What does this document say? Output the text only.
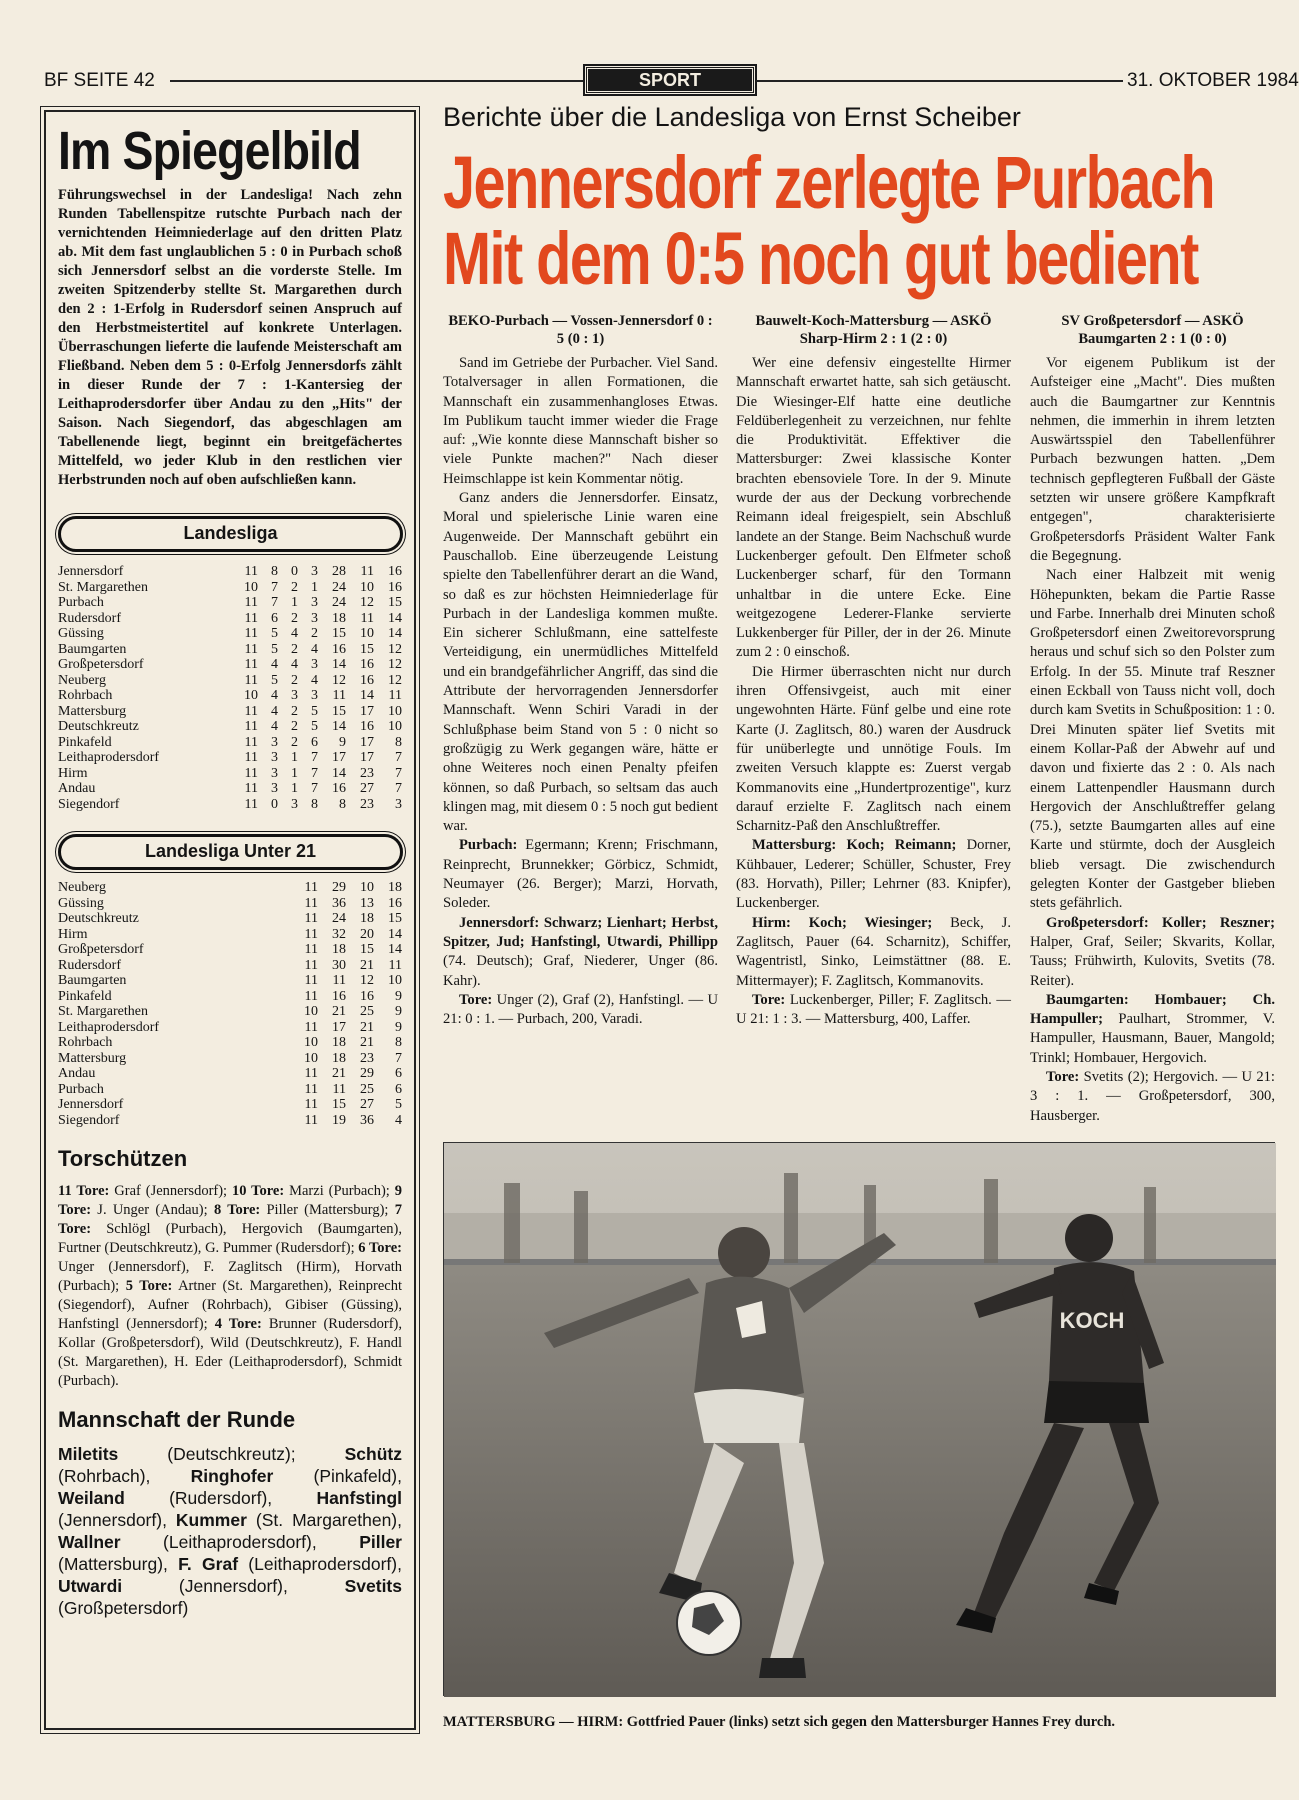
BF SEITE 42	SPORT	31. OKTOBER 1984
Im Spiegelbild

Führungswechsel in der Landesliga! Nach zehn Runden Tabellenspitze rutschte Purbach nach der vernichtenden Heimniederlage auf den dritten Platz ab. Mit dem fast unglaublichen 5 : 0 in Purbach schoß sich Jennersdorf selbst an die vorderste Stelle. Im zweiten Spitzenderby stellte St. Margarethen durch den 2 : 1-Erfolg in Rudersdorf seinen Anspruch auf den Herbstmeistertitel auf konkrete Unterlagen. Überraschungen lieferte die laufende Meisterschaft am Fließband. Neben dem 5 : 0-Erfolg Jennersdorfs zählt in dieser Runde der 7 : 1-Kantersieg der Leithaprodersdorfer über Andau zu den „Hits" der Saison. Nach Siegendorf, das abgeschlagen am Tabellenende liegt, beginnt ein breitgefächertes Mittelfeld, wo jeder Klub in den restlichen vier Herbstrunden noch auf oben aufschließen kann.

Landesliga
Jennersdorf	11	8	0	3	28	11	16
St. Margarethen	10	7	2	1	24	10	16
Purbach	11	7	1	3	24	12	15
Rudersdorf	11	6	2	3	18	11	14
Güssing	11	5	4	2	15	10	14
Baumgarten	11	5	2	4	16	15	12
Großpetersdorf	11	4	4	3	14	16	12
Neuberg	11	5	2	4	12	16	12
Rohrbach	10	4	3	3	11	14	11
Mattersburg	11	4	2	5	15	17	10
Deutschkreutz	11	4	2	5	14	16	10
Pinkafeld	11	3	2	6	9	17	8
Leithaprodersdorf	11	3	1	7	17	17	7
Hirm	11	3	1	7	14	23	7
Andau	11	3	1	7	16	27	7
Siegendorf	11	0	3	8	8	23	3
Landesliga Unter 21
Neuberg	11	29	10	18
Güssing	11	36	13	16
Deutschkreutz	11	24	18	15
Hirm	11	32	20	14
Großpetersdorf	11	18	15	14
Rudersdorf	11	30	21	11
Baumgarten	11	11	12	10
Pinkafeld	11	16	16	9
St. Margarethen	10	21	25	9
Leithaprodersdorf	11	17	21	9
Rohrbach	10	18	21	8
Mattersburg	10	18	23	7
Andau	11	21	29	6
Purbach	11	11	25	6
Jennersdorf	11	15	27	5
Siegendorf	11	19	36	4
Torschützen

11 Tore: Graf (Jennersdorf); 10 Tore: Marzi (Purbach); 9 Tore: J. Unger (Andau); 8 Tore: Piller (Mattersburg); 7 Tore: Schlögl (Purbach), Hergovich (Baumgarten), Furtner (Deutschkreutz), G. Pummer (Rudersdorf); 6 Tore: Unger (Jennersdorf), F. Zaglitsch (Hirm), Horvath (Purbach); 5 Tore: Artner (St. Margarethen), Reinprecht (Siegendorf), Aufner (Rohrbach), Gibiser (Güssing), Hanfstingl (Jennersdorf); 4 Tore: Brunner (Rudersdorf), Kollar (Großpetersdorf), Wild (Deutschkreutz), F. Handl (St. Margarethen), H. Eder (Leithaprodersdorf), Schmidt (Purbach).

Mannschaft der Runde

Miletits (Deutschkreutz); Schütz (Rohrbach), Ringhofer (Pinkafeld), Weiland (Rudersdorf), Hanfstingl (Jennersdorf), Kummer (St. Margarethen), Wallner (Leithaprodersdorf), Piller (Mattersburg), F. Graf (Leithaprodersdorf), Utwardi (Jennersdorf), Svetits (Großpetersdorf)

Berichte über die Landesliga von Ernst Scheiber
Jennersdorf zerlegte Purbach
Mit dem 0:5 noch gut bedient
BEKO-Purbach — Vossen-Jennersdorf 0 : 5 (0 : 1)

Sand im Getriebe der Purbacher. Viel Sand. Totalversager in allen Formationen, die Mannschaft ein zusammenhangloses Etwas. Im Publikum taucht immer wieder die Frage auf: „Wie konnte diese Mannschaft bisher so viele Punkte machen?" Nach dieser Heimschlappe ist kein Kommentar nötig.

Ganz anders die Jennersdorfer. Einsatz, Moral und spielerische Linie waren eine Augenweide. Der Mannschaft gebührt ein Pauschallob. Eine überzeugende Leistung spielte den Tabellenführer derart an die Wand, so daß es zur höchsten Heimniederlage für Purbach in der Landesliga kommen mußte. Ein sicherer Schlußmann, eine sattelfeste Verteidigung, ein unermüdliches Mittelfeld und ein brandgefährlicher Angriff, das sind die Attribute der hervorragenden Jennersdorfer Mannschaft. Wenn Schiri Varadi in der Schlußphase beim Stand von 5 : 0 nicht so großzügig zu Werk gegangen wäre, hätte er ohne Weiteres noch einen Penalty pfeifen können, so daß Purbach, so seltsam das auch klingen mag, mit diesem 0 : 5 noch gut bedient war.

Purbach: Egermann; Krenn; Frischmann, Reinprecht, Brunnekker; Görbicz, Schmidt, Neumayer (26. Berger); Marzi, Horvath, Soleder.

Jennersdorf: Schwarz; Lienhart; Herbst, Spitzer, Jud; Hanfstingl, Utwardi, Phillipp (74. Deutsch); Graf, Niederer, Unger (86. Kahr).

Tore: Unger (2), Graf (2), Hanfstingl. — U 21: 0 : 1. — Purbach, 200, Varadi.

Bauwelt-Koch-Mattersburg — ASKÖ Sharp-Hirm 2 : 1 (2 : 0)

Wer eine defensiv eingestellte Hirmer Mannschaft erwartet hatte, sah sich getäuscht. Die Wiesinger-Elf hatte eine deutliche Feldüberlegenheit zu verzeichnen, nur fehlte die Produktivität. Effektiver die Mattersburger: Zwei klassische Konter brachten ebensoviele Tore. In der 9. Minute wurde der aus der Deckung vorbrechende Reimann ideal freigespielt, sein Abschluß landete an der Stange. Beim Nachschuß wurde Luckenberger gefoult. Den Elfmeter schoß Luckenberger scharf, für den Tormann unhaltbar in die untere Ecke. Eine weitgezogene Lederer-Flanke servierte Lukkenberger für Piller, der in der 26. Minute zum 2 : 0 einschoß.

Die Hirmer überraschten nicht nur durch ihren Offensivgeist, auch mit einer ungewohnten Härte. Fünf gelbe und eine rote Karte (J. Zaglitsch, 80.) waren der Ausdruck für unüberlegte und unnötige Fouls. Im zweiten Versuch klappte es: Zuerst vergab Kommanovits eine „Hundertprozentige", kurz darauf erzielte F. Zaglitsch nach einem Scharnitz-Paß den Anschlußtreffer.

Mattersburg: Koch; Reimann; Dorner, Kühbauer, Lederer; Schüller, Schuster, Frey (83. Horvath), Piller; Lehrner (83. Knipfer), Luckenberger.

Hirm: Koch; Wiesinger; Beck, J. Zaglitsch, Pauer (64. Scharnitz), Schiffer, Wagentristl, Sinko, Leimstättner (88. E. Mittermayer); F. Zaglitsch, Kommanovits.

Tore: Luckenberger, Piller; F. Zaglitsch. — U 21: 1 : 3. — Mattersburg, 400, Laffer.

SV Großpetersdorf — ASKÖ Baumgarten 2 : 1 (0 : 0)

Vor eigenem Publikum ist der Aufsteiger eine „Macht". Dies mußten auch die Baumgartner zur Kenntnis nehmen, die immerhin in ihrem letzten Auswärtsspiel den Tabellenführer Purbach bezwungen hatten. „Dem technisch gepflegteren Fußball der Gäste setzten wir unsere größere Kampfkraft entgegen", charakterisierte Großpetersdorfs Präsident Walter Fank die Begegnung.

Nach einer Halbzeit mit wenig Höhepunkten, bekam die Partie Rasse und Farbe. Innerhalb drei Minuten schoß Großpetersdorf einen Zweitorevorsprung heraus und schuf sich so den Polster zum Erfolg. In der 55. Minute traf Reszner einen Eckball von Tauss nicht voll, doch durch kam Svetits in Schußposition: 1 : 0. Drei Minuten später lief Svetits mit einem Kollar-Paß der Abwehr auf und davon und fixierte das 2 : 0. Als nach einem Lattenpendler Hausmann durch Hergovich der Anschlußtreffer gelang (75.), setzte Baumgarten alles auf eine Karte und stürmte, doch der Ausgleich blieb versagt. Die zwischendurch gelegten Konter der Gastgeber blieben stets gefährlich.

Großpetersdorf: Koller; Reszner; Halper, Graf, Seiler; Skvarits, Kollar, Tauss; Frühwirth, Kulovits, Svetits (78. Reiter).

Baumgarten: Hombauer; Ch. Hampuller; Paulhart, Strommer, V. Hampuller, Hausmann, Bauer, Mangold; Trinkl; Hombauer, Hergovich.

Tore: Svetits (2); Hergovich. — U 21: 3 : 1. — Großpetersdorf, 300, Hausberger.

KOCH
MATTERSBURG — HIRM: Gottfried Pauer (links) setzt sich gegen den Mattersburger Hannes Frey durch.
